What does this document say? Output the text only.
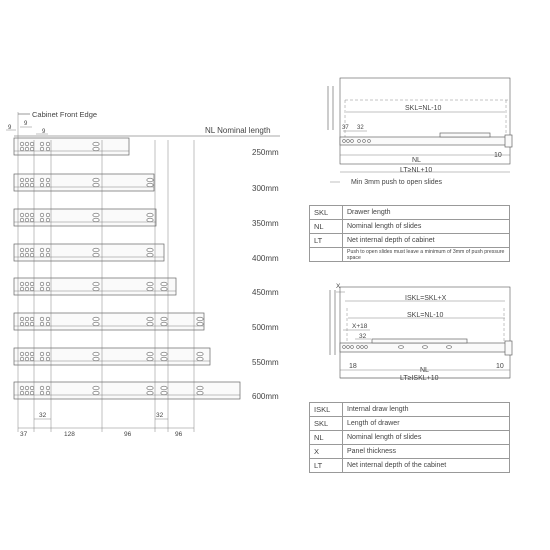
Cabinet Front Edge
NL Nominal length
9
9
9
32	32
37	128	96	96
SKL=NL-10
37 32
NL
10
LT≥NL+10
Min 3mm push to open slides
X
ISKL=SKL+X
SKL=NL-10
X+18
32
18
NL
10
LT≥ISKL+10
250mm
300mm
350mm
400mm
450mm
500mm
550mm
600mm
SKL	Drawer length
NL	Nominal length of slides
LT	Net internal depth of cabinet
	Push to open slides must leave a minimum of 3mm of push pressure space
ISKL	Internal draw length
SKL	Length of drawer
NL	Nominal length of slides
X	Panel thickness
LT	Net internal depth of the cabinet
